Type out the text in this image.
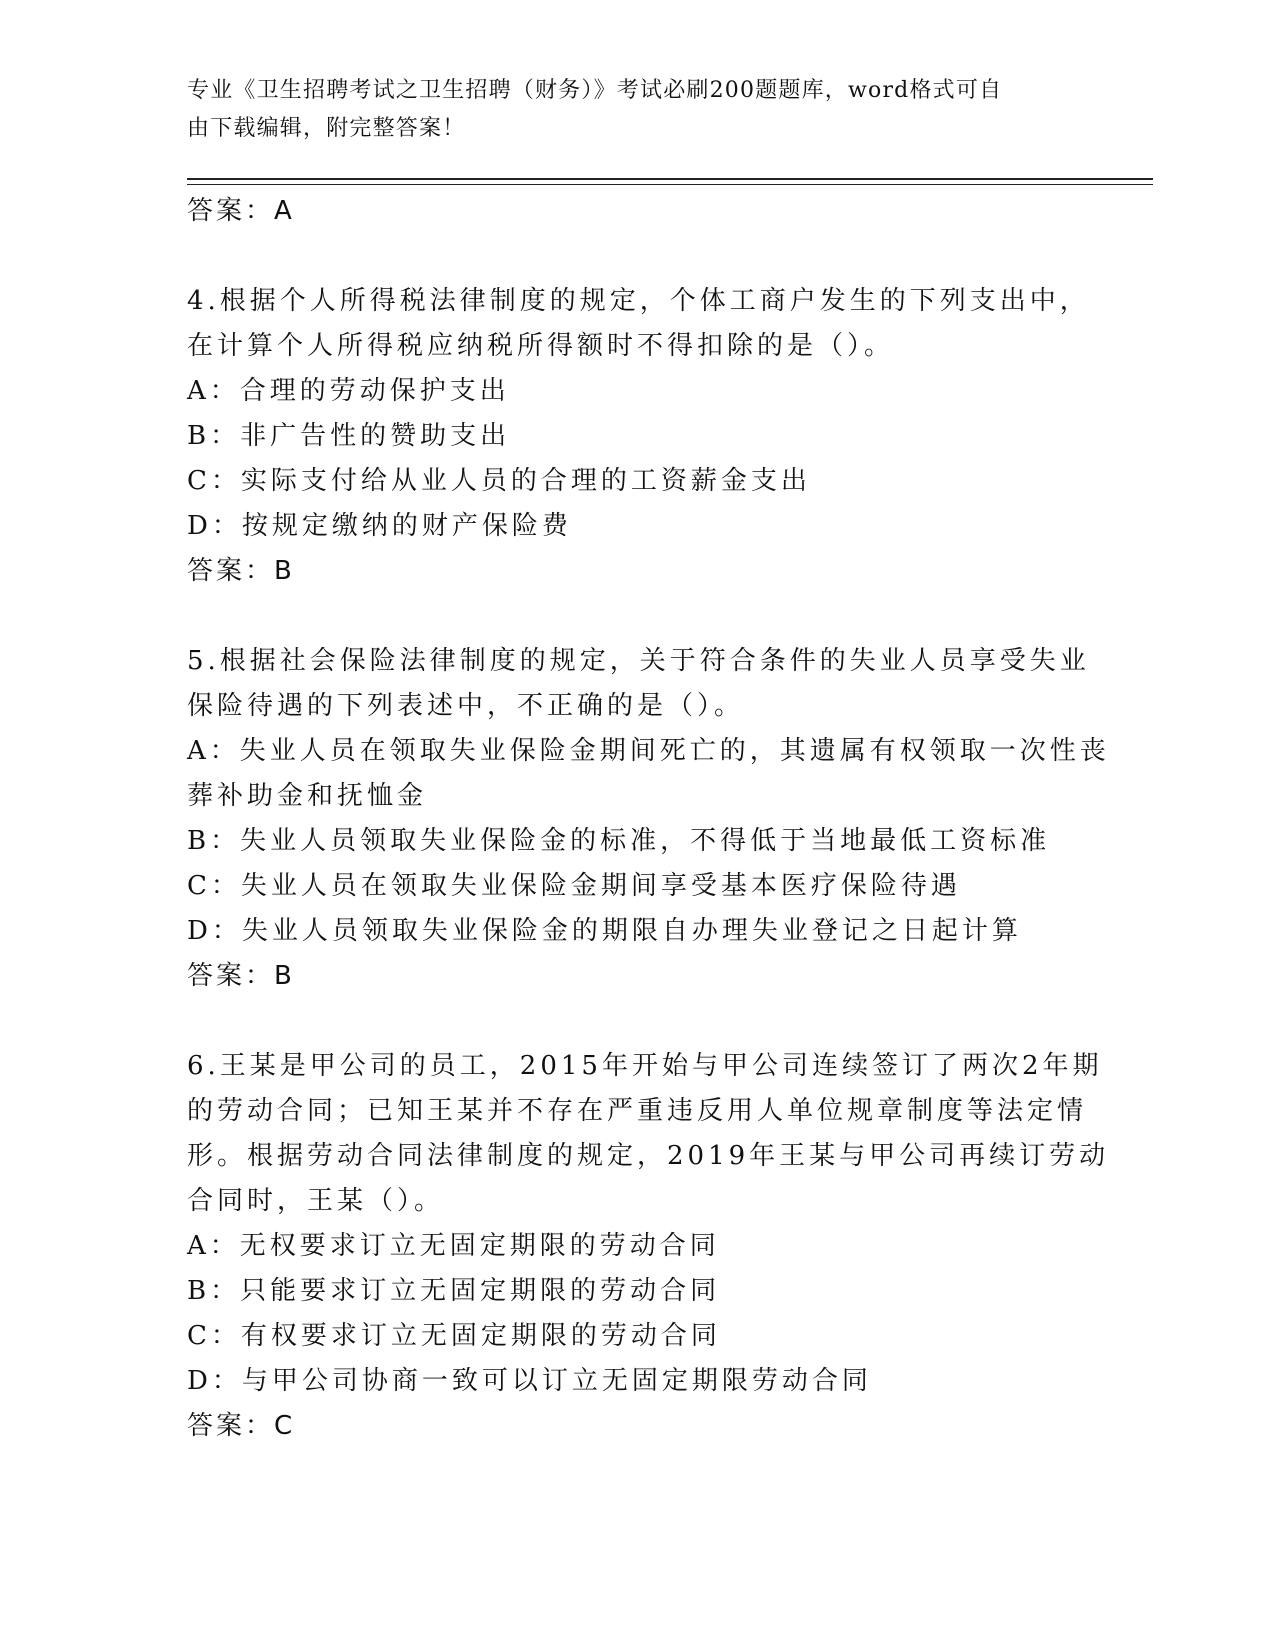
专业《卫生招聘考试之卫生招聘（财务）》考试必刷200题题库，word格式可自
由下载编辑，附完整答案！
答案：A
4.根据个人所得税法律制度的规定，个体工商户发生的下列支出中，
在计算个人所得税应纳税所得额时不得扣除的是（）。
A：合理的劳动保护支出
B：非广告性的赞助支出
C：实际支付给从业人员的合理的工资薪金支出
D：按规定缴纳的财产保险费
答案：B
5.根据社会保险法律制度的规定，关于符合条件的失业人员享受失业
保险待遇的下列表述中，不正确的是（）。
A：失业人员在领取失业保险金期间死亡的，其遗属有权领取一次性丧
葬补助金和抚恤金
B：失业人员领取失业保险金的标准，不得低于当地最低工资标准
C：失业人员在领取失业保险金期间享受基本医疗保险待遇
D：失业人员领取失业保险金的期限自办理失业登记之日起计算
答案：B
6.王某是甲公司的员工，2015年开始与甲公司连续签订了两次2年期
的劳动合同；已知王某并不存在严重违反用人单位规章制度等法定情
形。根据劳动合同法律制度的规定，2019年王某与甲公司再续订劳动
合同时，王某（）。
A：无权要求订立无固定期限的劳动合同
B：只能要求订立无固定期限的劳动合同
C：有权要求订立无固定期限的劳动合同
D：与甲公司协商一致可以订立无固定期限劳动合同
答案：C
